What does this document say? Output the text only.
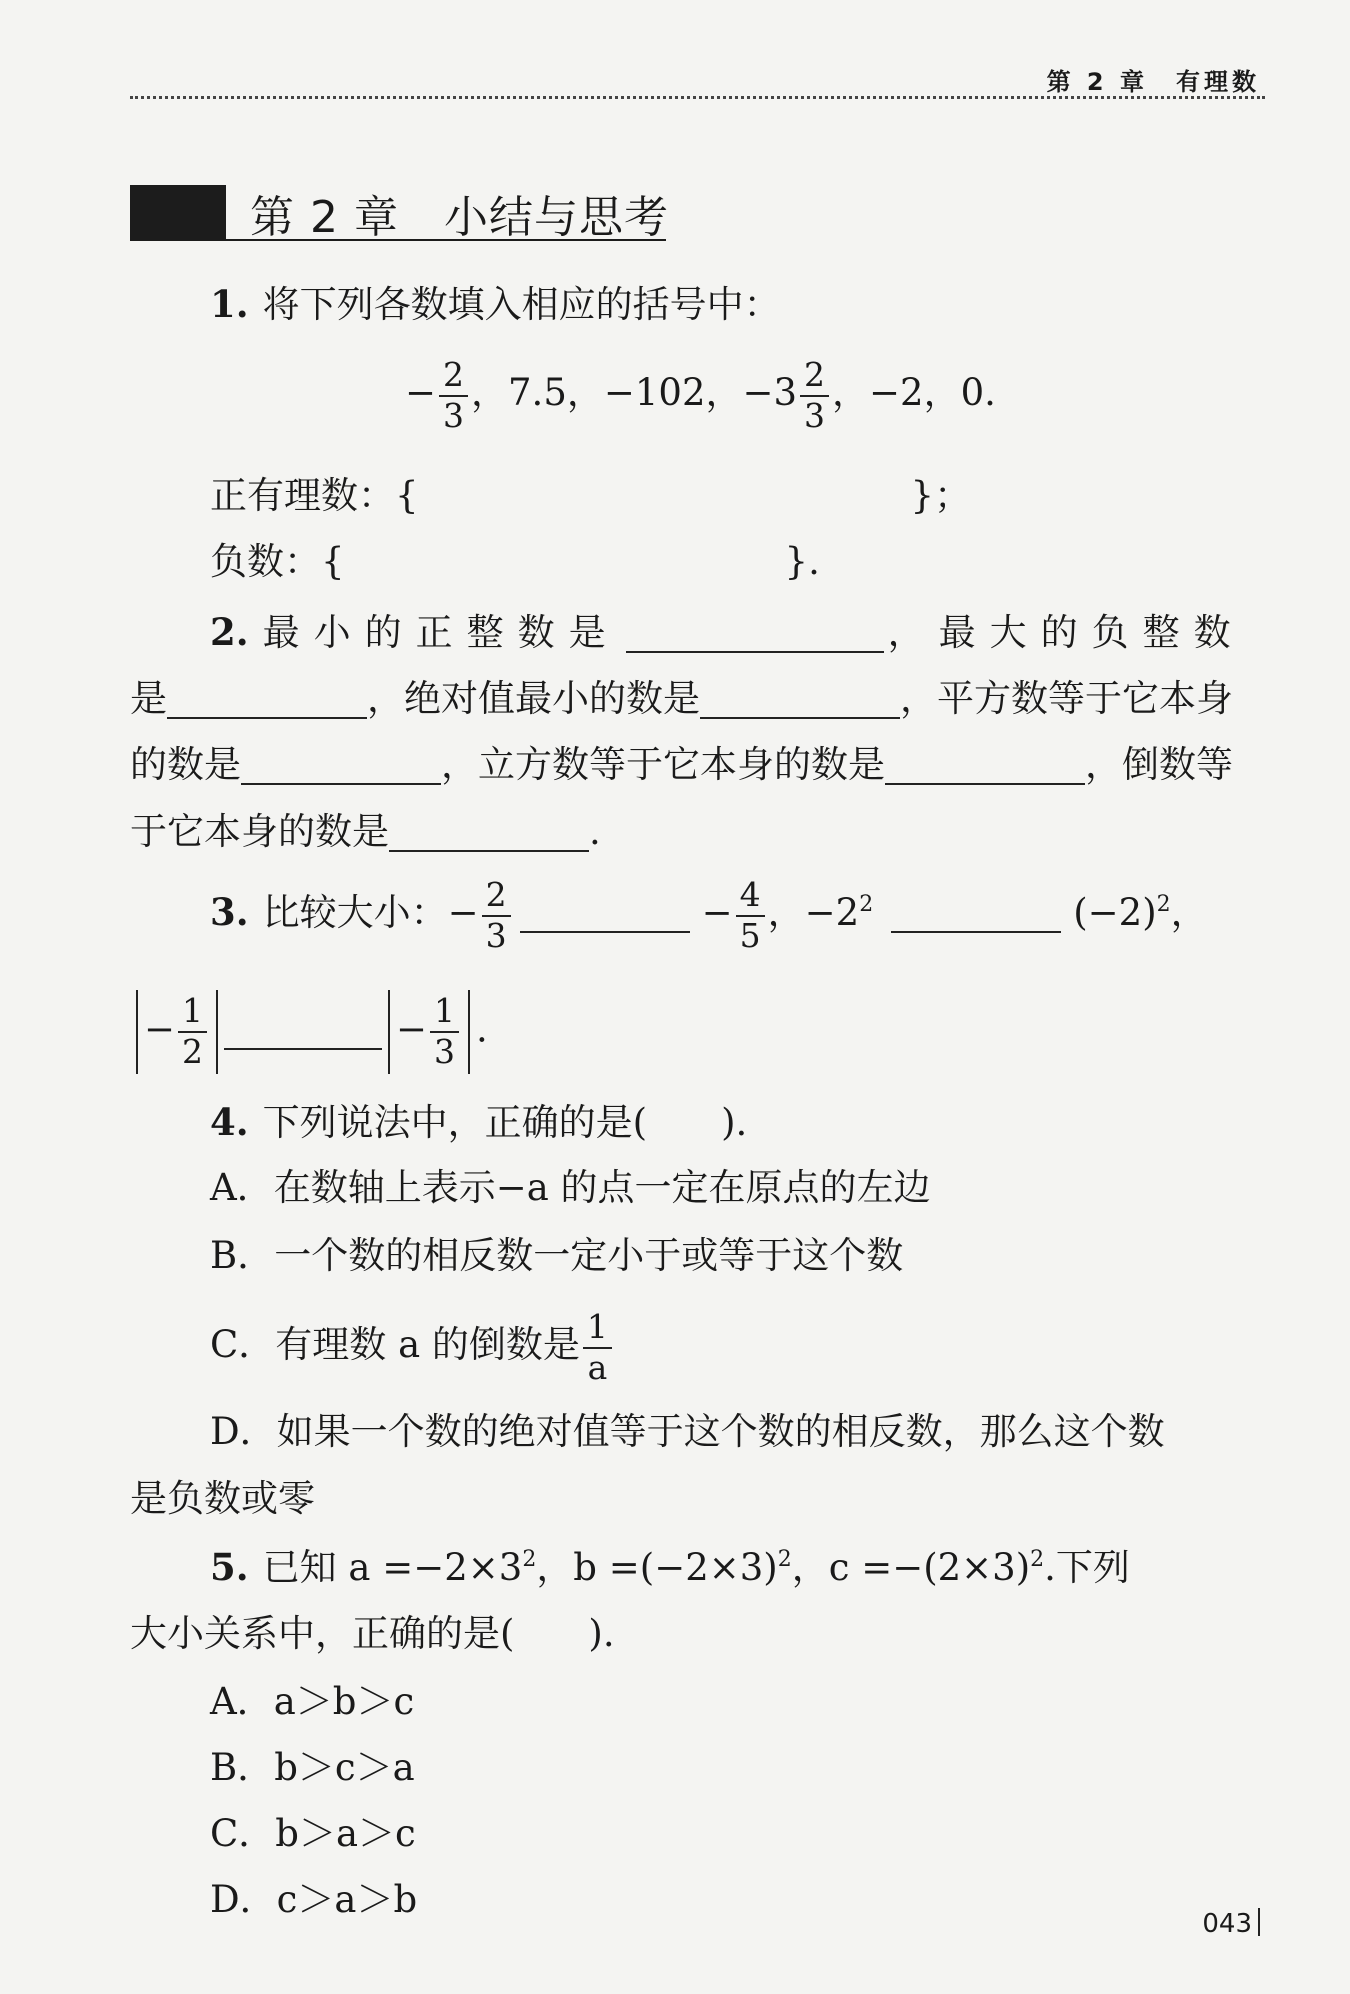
第 2 章 有理数
第 2 章　小结与思考
1. 将下列各数填入相应的括号中：
− $\frac{2}{3}$ ，7.5，−102，$-3 \frac{2}{3}$ ，−2，0.
正有理数：{	}；
负数：{	}.
2. 最小的正整数是	，最大的负整数
是	，绝对值最小的数是	，平方数等于它本身
的数是	，立方数等于它本身的数是	，倒数等
于它本身的数是	.
3. 比较大小：− $\frac{2}{3}$	− $\frac{4}{5}$ ，$-2^2$	$(-2)^2$，
− $\frac{1}{2}$	− $\frac{1}{3}$ .
4. 下列说法中，正确的是(　　).
A．在数轴上表示−a 的点一定在原点的左边
B．一个数的相反数一定小于或等于这个数
C．有理数 a 的倒数是 $\frac{1}{a}$
D．如果一个数的绝对值等于这个数的相反数，那么这个数
是负数或零
5. 已知 $a =-2\times 3^2$，$b =(-2\times 3)^2$，$c =-(2\times 3)^2$.下列
大小关系中，正确的是(　　).
A．a＞b＞c
B．b＞c＞a
C．b＞a＞c
D．c＞a＞b
043
